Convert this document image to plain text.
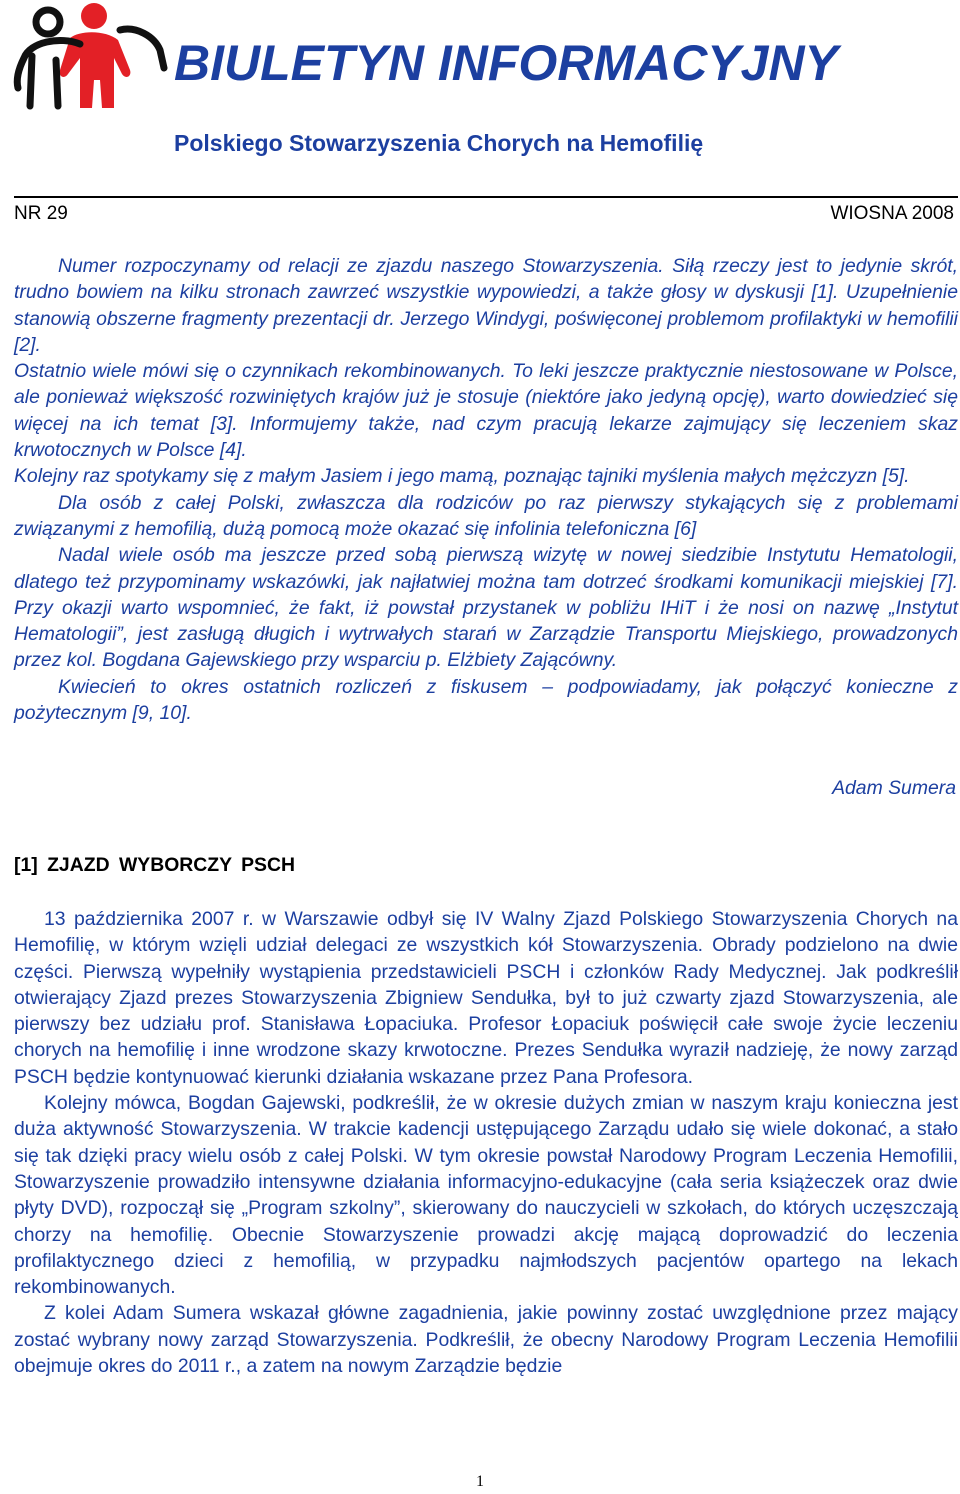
BIULETYN INFORMACYJNY
Polskiego Stowarzyszenia Chorych na Hemofilię
NR 29	WIOSNA 2008

Numer rozpoczynamy od relacji ze zjazdu naszego Stowarzyszenia. Siłą rzeczy jest to jedynie skrót, trudno bowiem na kilku stronach zawrzeć wszystkie wypowiedzi, a także głosy w dyskusji [1]. Uzupełnienie stanowią obszerne fragmenty prezentacji dr. Jerzego Windygi, poświęconej problemom profilaktyki w hemofilii [2].

Ostatnio wiele mówi się o czynnikach rekombinowanych. To leki jeszcze praktycznie niestosowane w Polsce, ale ponieważ większość rozwiniętych krajów już je stosuje (niektóre jako jedyną opcję), warto dowiedzieć się więcej na ich temat [3]. Informujemy także, nad czym pracują lekarze zajmujący się leczeniem skaz krwotocznych w Polsce [4].

Kolejny raz spotykamy się z małym Jasiem i jego mamą, poznając tajniki myślenia małych mężczyzn [5].

Dla osób z całej Polski, zwłaszcza dla rodziców po raz pierwszy stykających się z problemami związanymi z hemofilią, dużą pomocą może okazać się infolinia telefoniczna [6]

Nadal wiele osób ma jeszcze przed sobą pierwszą wizytę w nowej siedzibie Instytutu Hematologii, dlatego też przypominamy wskazówki, jak najłatwiej można tam dotrzeć środkami komunikacji miejskiej [7]. Przy okazji warto wspomnieć, że fakt, iż powstał przystanek w pobliżu IHiT i że nosi on nazwę „Instytut Hematologii”, jest zasługą długich i wytrwałych starań w Zarządzie Transportu Miejskiego, prowadzonych przez kol. Bogdana Gajewskiego przy wsparciu p. Elżbiety Zającówny.

Kwiecień to okres ostatnich rozliczeń z fiskusem – podpowiadamy, jak połączyć konieczne z pożytecznym [9, 10].

Adam Sumera
[1] ZJAZD WYBORCZY PSCH

13 października 2007 r. w Warszawie odbył się IV Walny Zjazd Polskiego Stowarzyszenia Chorych na Hemofilię, w którym wzięli udział delegaci ze wszystkich kół Stowarzyszenia. Obrady podzielono na dwie części. Pierwszą wypełniły wystąpienia przedstawicieli PSCH i członków Rady Medycznej. Jak podkreślił otwierający Zjazd prezes Stowarzyszenia Zbigniew Sendułka, był to już czwarty zjazd Stowarzyszenia, ale pierwszy bez udziału prof. Stanisława Łopaciuka. Profesor Łopaciuk poświęcił całe swoje życie leczeniu chorych na hemofilię i inne wrodzone skazy krwotoczne. Prezes Sendułka wyraził nadzieję, że nowy zarząd PSCH będzie kontynuować kierunki działania wskazane przez Pana Profesora.

Kolejny mówca, Bogdan Gajewski, podkreślił, że w okresie dużych zmian w naszym kraju konieczna jest duża aktywność Stowarzyszenia. W trakcie kadencji ustępującego Zarządu udało się wiele dokonać, a stało się tak dzięki pracy wielu osób z całej Polski. W tym okresie powstał Narodowy Program Leczenia Hemofilii, Stowarzyszenie prowadziło intensywne działania informacyjno-edukacyjne (cała seria książeczek oraz dwie płyty DVD), rozpoczął się „Program szkolny”, skierowany do nauczycieli w szkołach, do których uczęszczają chorzy na hemofilię. Obecnie Stowarzyszenie prowadzi akcję mającą doprowadzić do leczenia profilaktycznego dzieci z hemofilią, w przypadku najmłodszych pacjentów opartego na lekach rekombinowanych.

Z kolei Adam Sumera wskazał główne zagadnienia, jakie powinny zostać uwzględnione przez mający zostać wybrany nowy zarząd Stowarzyszenia. Podkreślił, że obecny Narodowy Program Leczenia Hemofilii obejmuje okres do 2011 r., a zatem na nowym Zarządzie będzie

1
